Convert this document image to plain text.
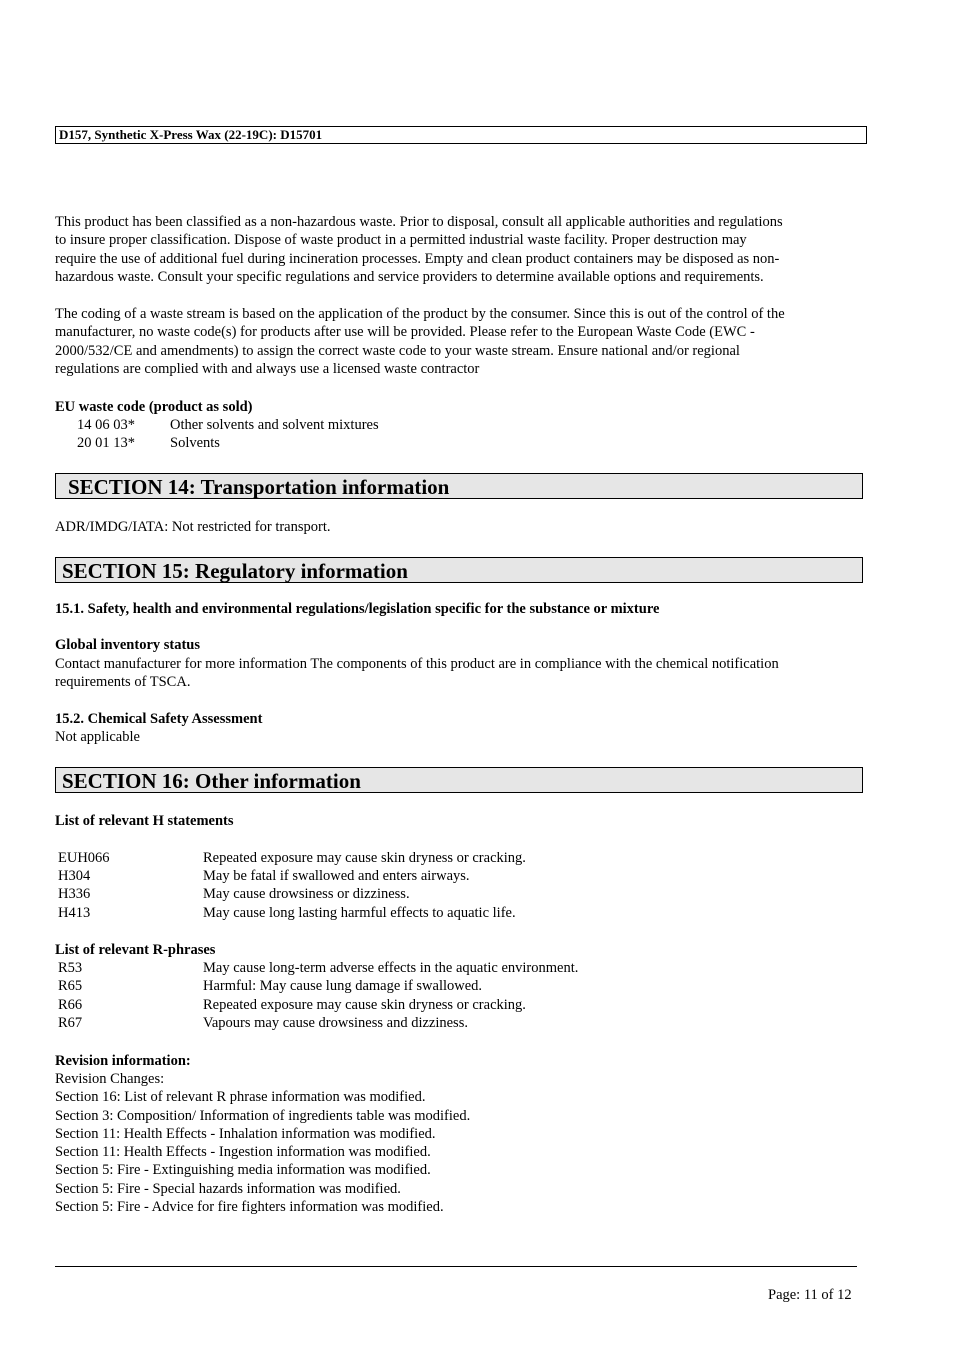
D157, Synthetic X-Press Wax (22-19C): D15701
This product has been classified as a non-hazardous waste. Prior to disposal, consult all applicable authorities and regulations
to insure proper classification. Dispose of waste product in a permitted industrial waste facility. Proper destruction may
require the use of additional fuel during incineration processes. Empty and clean product containers may be disposed as non-
hazardous waste. Consult your specific regulations and service providers to determine available options and requirements.
The coding of a waste stream is based on the application of the product by the consumer. Since this is out of the control of the
manufacturer, no waste code(s) for products after use will be provided. Please refer to the European Waste Code (EWC -
2000/532/CE and amendments) to assign the correct waste code to your waste stream. Ensure national and/or regional
regulations are complied with and always use a licensed waste contractor
EU waste code (product as sold)
14 06 03* Other solvents and solvent mixtures
20 01 13* Solvents
SECTION 14: Transportation information
ADR/IMDG/IATA: Not restricted for transport.
SECTION 15: Regulatory information
15.1. Safety, health and environmental regulations/legislation specific for the substance or mixture
Global inventory status
Contact manufacturer for more information The components of this product are in compliance with the chemical notification
requirements of TSCA.
15.2. Chemical Safety Assessment
Not applicable
SECTION 16: Other information
List of relevant H statements
EUH066	Repeated exposure may cause skin dryness or cracking.
H304	May be fatal if swallowed and enters airways.
H336	May cause drowsiness or dizziness.
H413	May cause long lasting harmful effects to aquatic life.
List of relevant R-phrases
R53	May cause long-term adverse effects in the aquatic environment.
R65	Harmful: May cause lung damage if swallowed.
R66	Repeated exposure may cause skin dryness or cracking.
R67	Vapours may cause drowsiness and dizziness.
Revision information:
Revision Changes:
Section 16: List of relevant R phrase information was modified.
Section 3: Composition/ Information of ingredients table was modified.
Section 11: Health Effects - Inhalation information was modified.
Section 11: Health Effects - Ingestion information was modified.
Section 5: Fire - Extinguishing media information was modified.
Section 5: Fire - Special hazards information was modified.
Section 5: Fire - Advice for fire fighters information was modified.
Page: 11 of 12
